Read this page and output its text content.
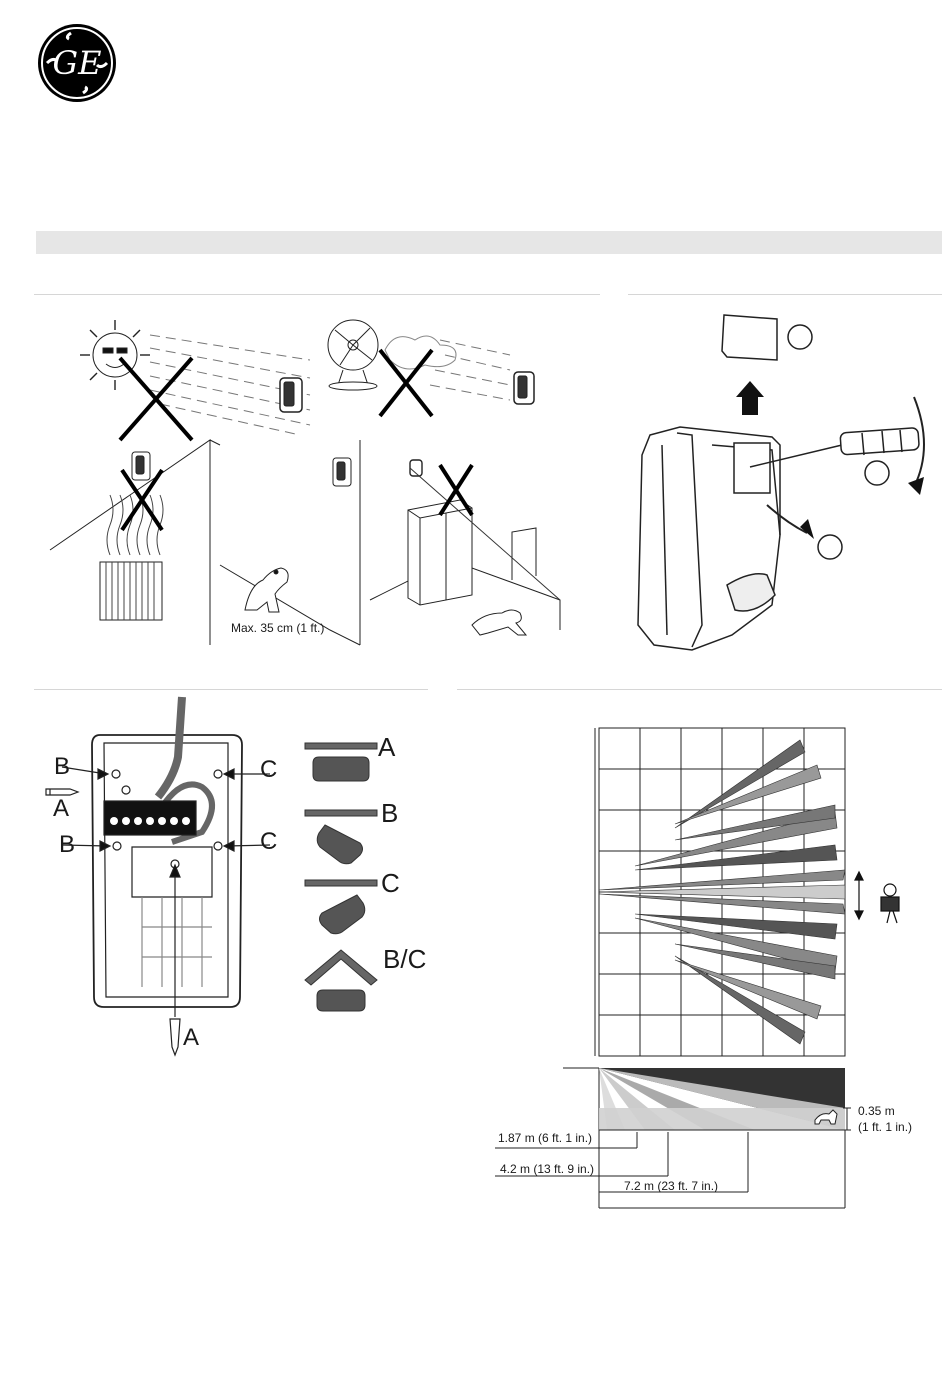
GE
Max. 35 cm (1 ft.)
B
A
B
C
C
A
A
B
C
B/C
0.35 m
(1 ft. 1 in.)
1.87 m (6 ft. 1 in.)
4.2 m (13 ft. 9 in.)
7.2 m (23 ft. 7 in.)
